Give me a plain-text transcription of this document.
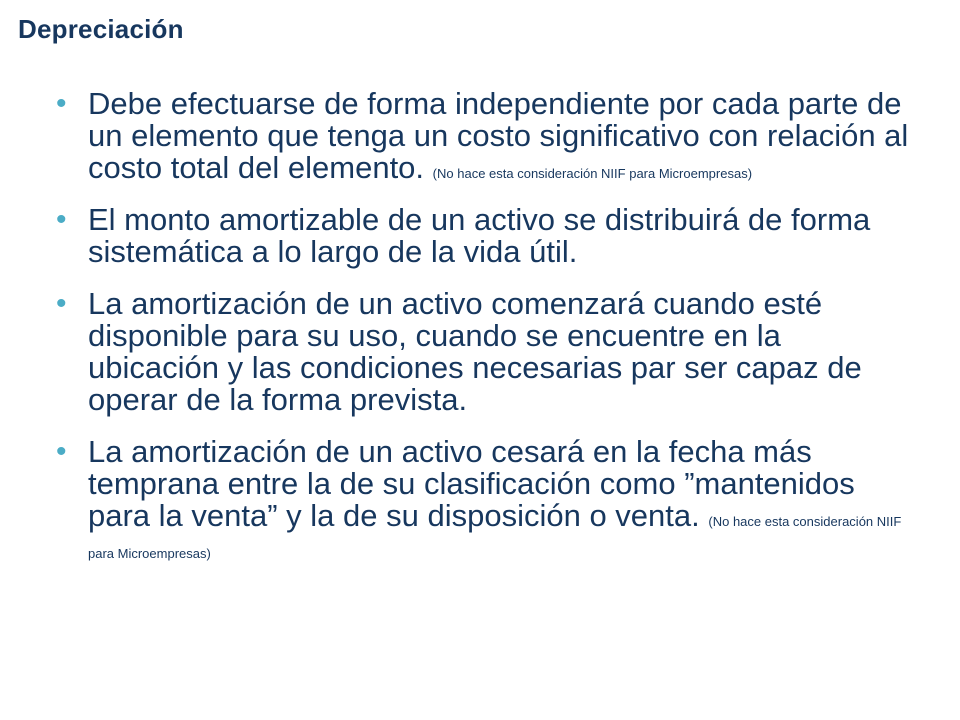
Depreciación
• Debe efectuarse de forma independiente por cada parte de un elemento que tenga un costo significativo con relación al costo total del elemento. (No hace esta consideración NIIF para Microempresas)
• El monto amortizable de un activo se distribuirá de forma sistemática a lo largo de la vida útil.
• La amortización de un activo comenzará cuando esté disponible para su uso, cuando se encuentre en la ubicación y las condiciones necesarias par ser capaz de operar de la forma prevista.
• La amortización de un activo cesará en la fecha más temprana entre la de su clasificación como ”mantenidos para la venta” y la de su disposición o venta. (No hace esta consideración NIIF para Microempresas)
